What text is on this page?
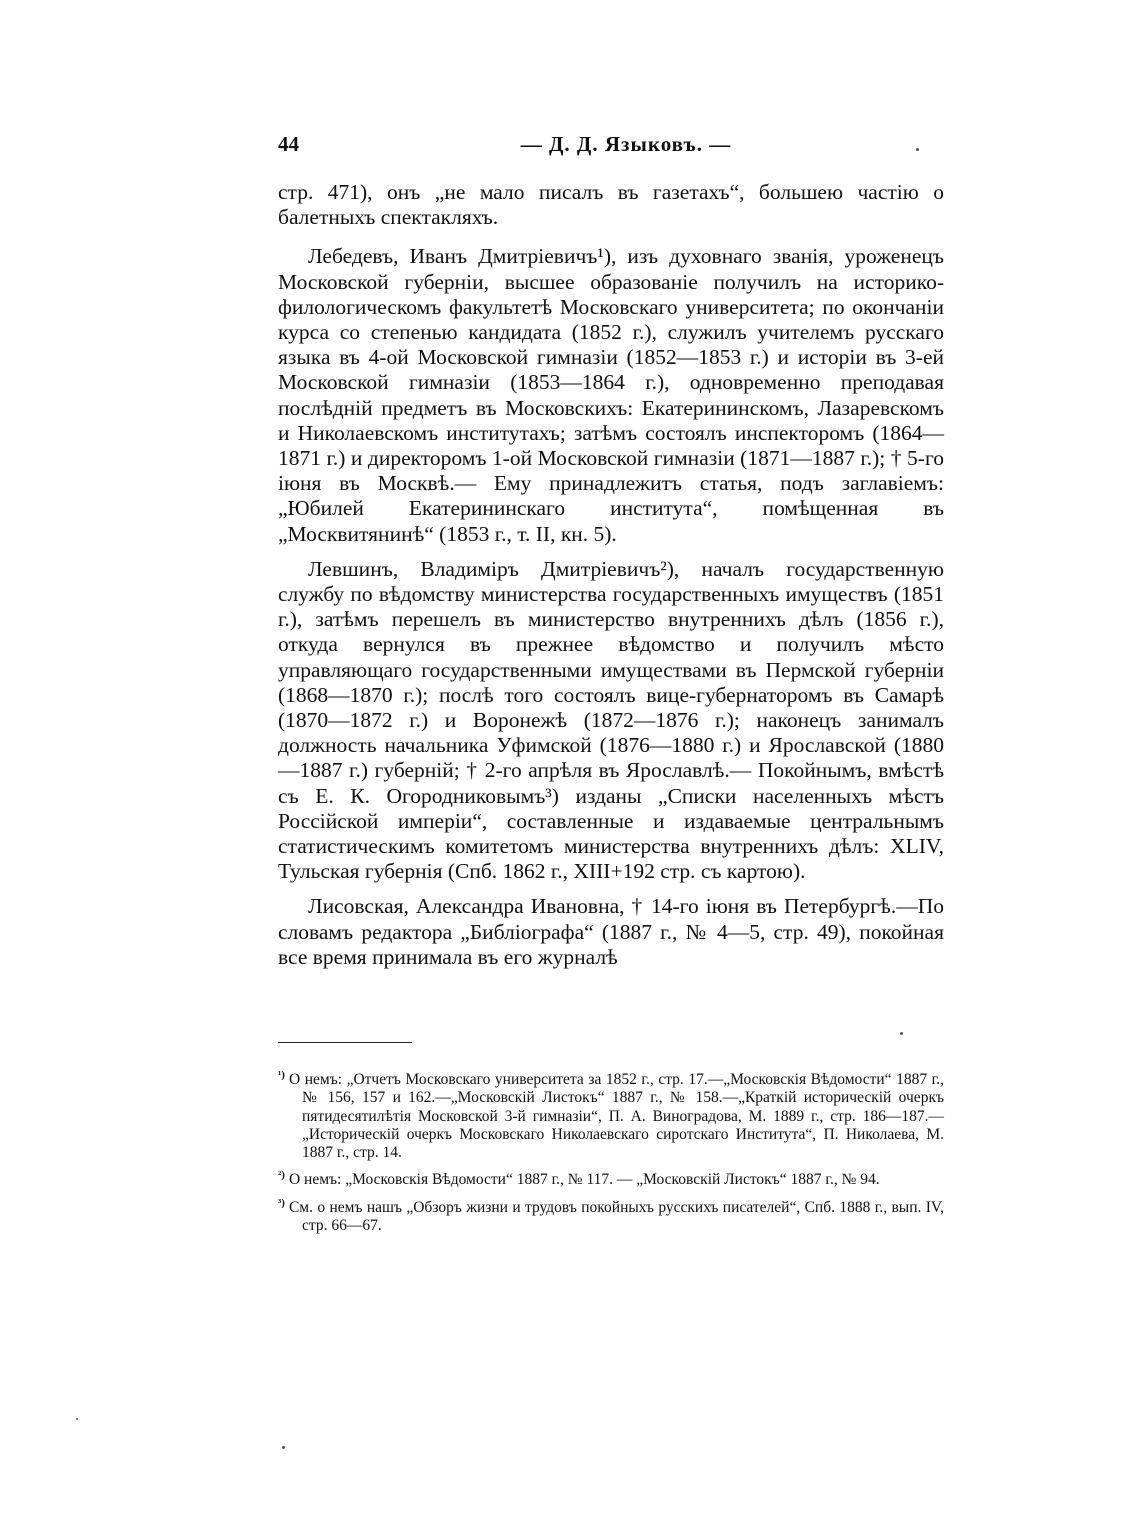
44	— Д. Д. Языковъ. —

стр. 471), онъ „не мало писалъ въ газетахъ“, большею частію о балетныхъ спектакляхъ.

Лебедевъ, Иванъ Дмитріевичъ¹), изъ духовнаго званія, уроженецъ Московской губерніи, высшее образованіе получилъ на историко-филологическомъ факультетѣ Московскаго университета; по окончаніи курса со степенью кандидата (1852 г.), служилъ учителемъ русскаго языка въ 4-ой Московской гимназіи (1852—1853 г.) и исторіи въ 3-ей Московской гимназіи (1853—1864 г.), одновременно преподавая послѣдній предметъ въ Московскихъ: Екатерининскомъ, Лазаревскомъ и Николаевскомъ институтахъ; затѣмъ состоялъ инспекторомъ (1864—1871 г.) и директоромъ 1-ой Московской гимназіи (1871—1887 г.); † 5-го іюня въ Москвѣ.— Ему принадлежитъ статья, подъ заглавіемъ: „Юбилей Екатерининскаго института“, помѣщенная въ „Москвитянинѣ“ (1853 г., т. II, кн. 5).

Левшинъ, Владиміръ Дмитріевичъ²), началъ государственную службу по вѣдомству министерства государственныхъ имуществъ (1851 г.), затѣмъ перешелъ въ министерство внутреннихъ дѣлъ (1856 г.), откуда вернулся въ прежнее вѣдомство и получилъ мѣсто управляющаго государственными имуществами въ Пермской губерніи (1868—1870 г.); послѣ того состоялъ вице-губернаторомъ въ Самарѣ (1870—1872 г.) и Воронежѣ (1872—1876 г.); наконецъ занималъ должность начальника Уфимской (1876—1880 г.) и Ярославской (1880—1887 г.) губерній; † 2-го апрѣля въ Ярославлѣ.— Покойнымъ, вмѣстѣ съ Е. К. Огородниковымъ³) изданы „Списки населенныхъ мѣстъ Россійской имперіи“, составленные и издаваемые центральнымъ статистическимъ комитетомъ министерства внутреннихъ дѣлъ: XLIV, Тульская губернія (Спб. 1862 г., XIII+192 стр. съ картою).

Лисовская, Александра Ивановна, † 14-го іюня въ Петербургѣ.—По словамъ редактора „Библіографа“ (1887 г., № 4—5, стр. 49), покойная все время принимала въ его журналѣ

$^{^1)}$ О немъ: „Отчетъ Московскаго университета за 1852 г., стр. 17.—„Московскія Вѣдомости“ 1887 г., № 156, 157 и 162.—„Московскій Листокъ“ 1887 г., № 158.—„Краткій историческій очеркъ пятидесятилѣтія Московской 3-й гимназіи“, П. А. Виноградова, М. 1889 г., стр. 186—187.—„Историческій очеркъ Московскаго Николаевскаго сиротскаго Института“, П. Николаева, М. 1887 г., стр. 14.

$^{^2)}$ О немъ: „Московскія Вѣдомости“ 1887 г., № 117. — „Московскій Листокъ“ 1887 г., № 94.

$^{^3)}$ См. о немъ нашъ „Обзоръ жизни и трудовъ покойныхъ русскихъ писателей“, Спб. 1888 г., вып. IV, стр. 66—67.
